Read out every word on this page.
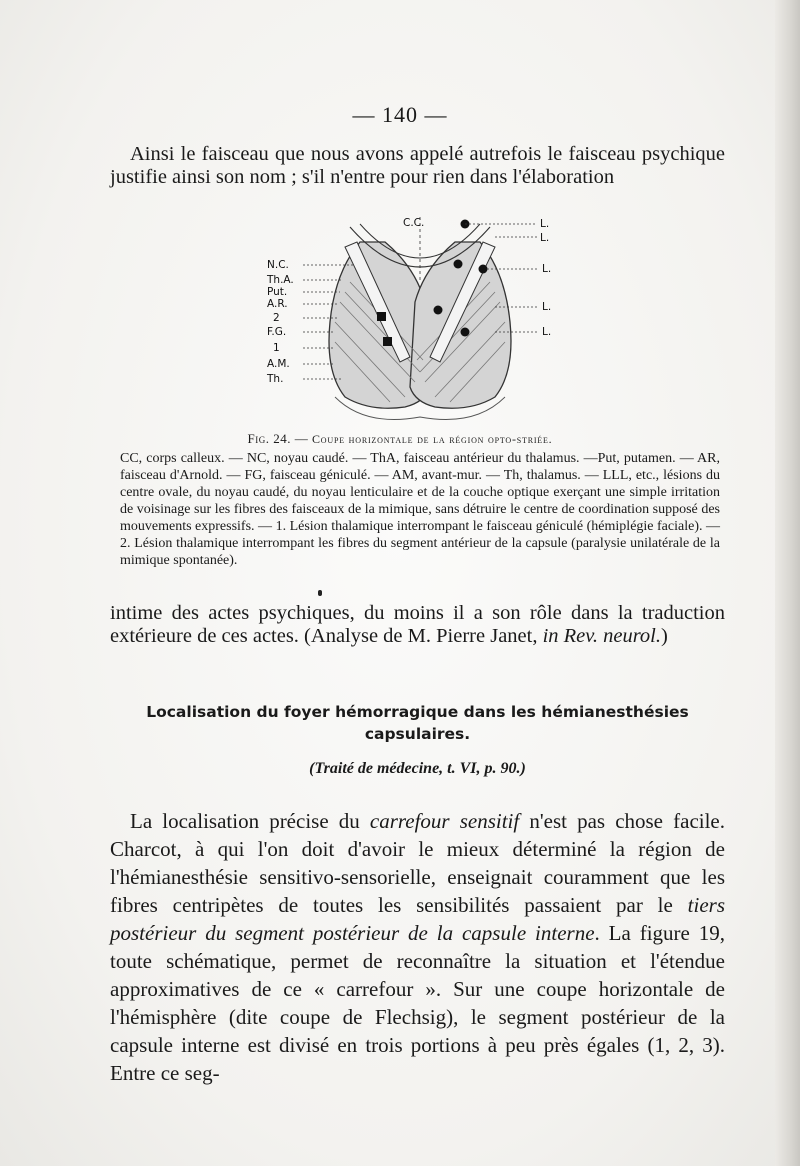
— 140 —

Ainsi le faisceau que nous avons appelé autrefois le faisceau psychique justifie ainsi son nom ; s'il n'entre pour rien dans l'élaboration

C.C.
N.C.
Th.A.
Put.
A.R.
2
F.G.
1
A.M.
Th.
L.
L.
L.
L.
L.
Fig. 24. — Coupe horizontale de la région opto-striée.

CC, corps calleux. — NC, noyau caudé. — ThA, faisceau antérieur du thalamus. —Put, putamen. — AR, faisceau d'Arnold. — FG, faisceau géniculé. — AM, avant-mur. — Th, thalamus. — LLL, etc., lésions du centre ovale, du noyau caudé, du noyau lenticulaire et de la couche optique exerçant une simple irritation de voisinage sur les fibres des faisceaux de la mimique, sans détruire le centre de coordination supposé des mouvements expressifs. — 1. Lésion thalamique interrompant le faisceau géniculé (hémiplégie faciale). — 2. Lésion thalamique interrompant les fibres du segment antérieur de la capsule (paralysie unilatérale de la mimique spontanée).

intime des actes psychiques, du moins il a son rôle dans la traduction extérieure de ces actes. (Analyse de M. Pierre Janet, in Rev. neurol.)

Localisation du foyer hémorragique dans les hémianesthésies capsulaires.
(Traité de médecine, t. VI, p. 90.)

La localisation précise du carrefour sensitif n'est pas chose facile. Charcot, à qui l'on doit d'avoir le mieux déterminé la région de l'hémianesthésie sensitivo-sensorielle, enseignait couramment que les fibres centripètes de toutes les sensibilités passaient par le tiers postérieur du segment postérieur de la capsule interne. La figure 19, toute schématique, permet de reconnaître la situation et l'étendue approximatives de ce « carrefour ». Sur une coupe horizontale de l'hémisphère (dite coupe de Flechsig), le segment postérieur de la capsule interne est divisé en trois portions à peu près égales (1, 2, 3). Entre ce seg-
